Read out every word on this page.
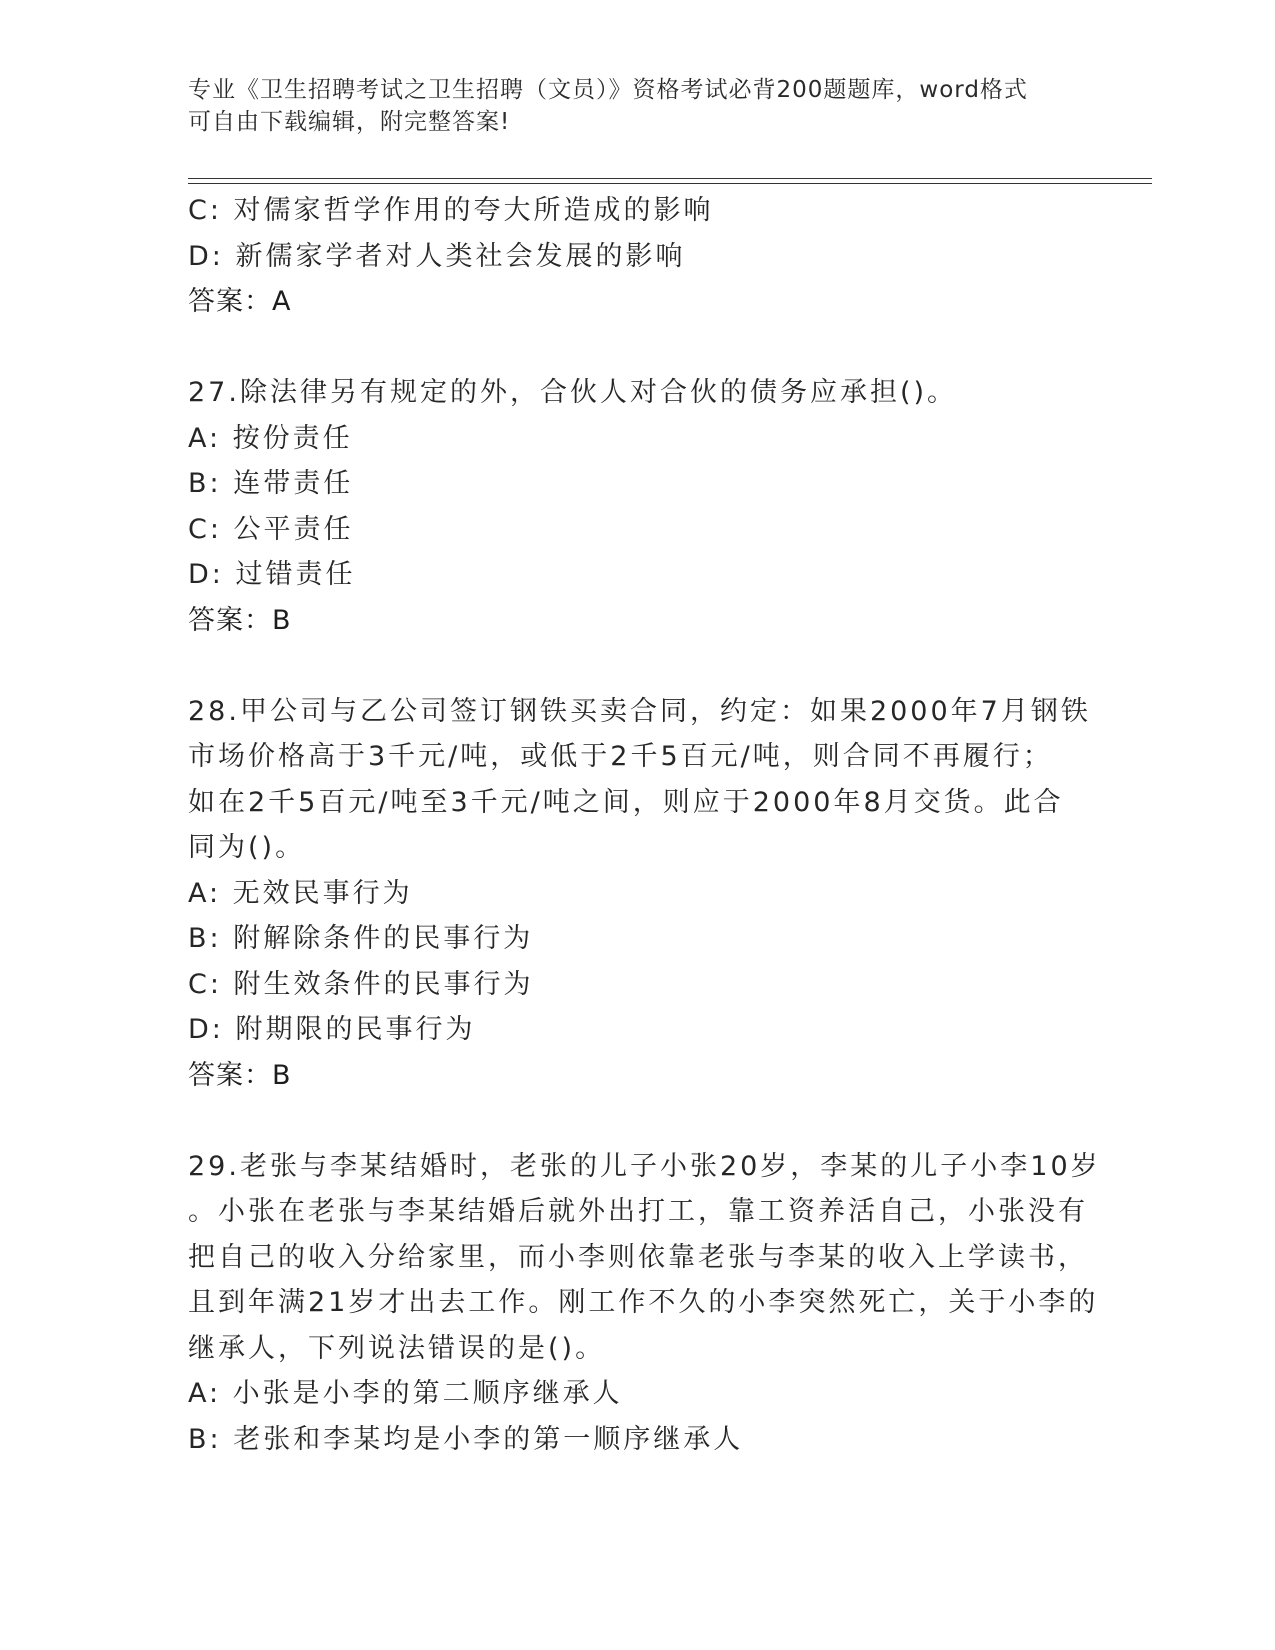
专业《卫生招聘考试之卫生招聘（文员）》资格考试必背200题题库，word格式
可自由下载编辑，附完整答案!
C: 对儒家哲学作用的夸大所造成的影响
D: 新儒家学者对人类社会发展的影响
答案：A
27.除法律另有规定的外，合伙人对合伙的债务应承担()。
A: 按份责任
B: 连带责任
C: 公平责任
D: 过错责任
答案：B
28.甲公司与乙公司签订钢铁买卖合同，约定：如果2000年7月钢铁
市场价格高于3千元/吨，或低于2千5百元/吨，则合同不再履行；
如在2千5百元/吨至3千元/吨之间，则应于2000年8月交货。此合
同为()。
A: 无效民事行为
B: 附解除条件的民事行为
C: 附生效条件的民事行为
D: 附期限的民事行为
答案：B
29.老张与李某结婚时，老张的儿子小张20岁，李某的儿子小李10岁
。小张在老张与李某结婚后就外出打工，靠工资养活自己，小张没有
把自己的收入分给家里，而小李则依靠老张与李某的收入上学读书，
且到年满21岁才出去工作。刚工作不久的小李突然死亡，关于小李的
继承人，下列说法错误的是()。
A: 小张是小李的第二顺序继承人
B: 老张和李某均是小李的第一顺序继承人
